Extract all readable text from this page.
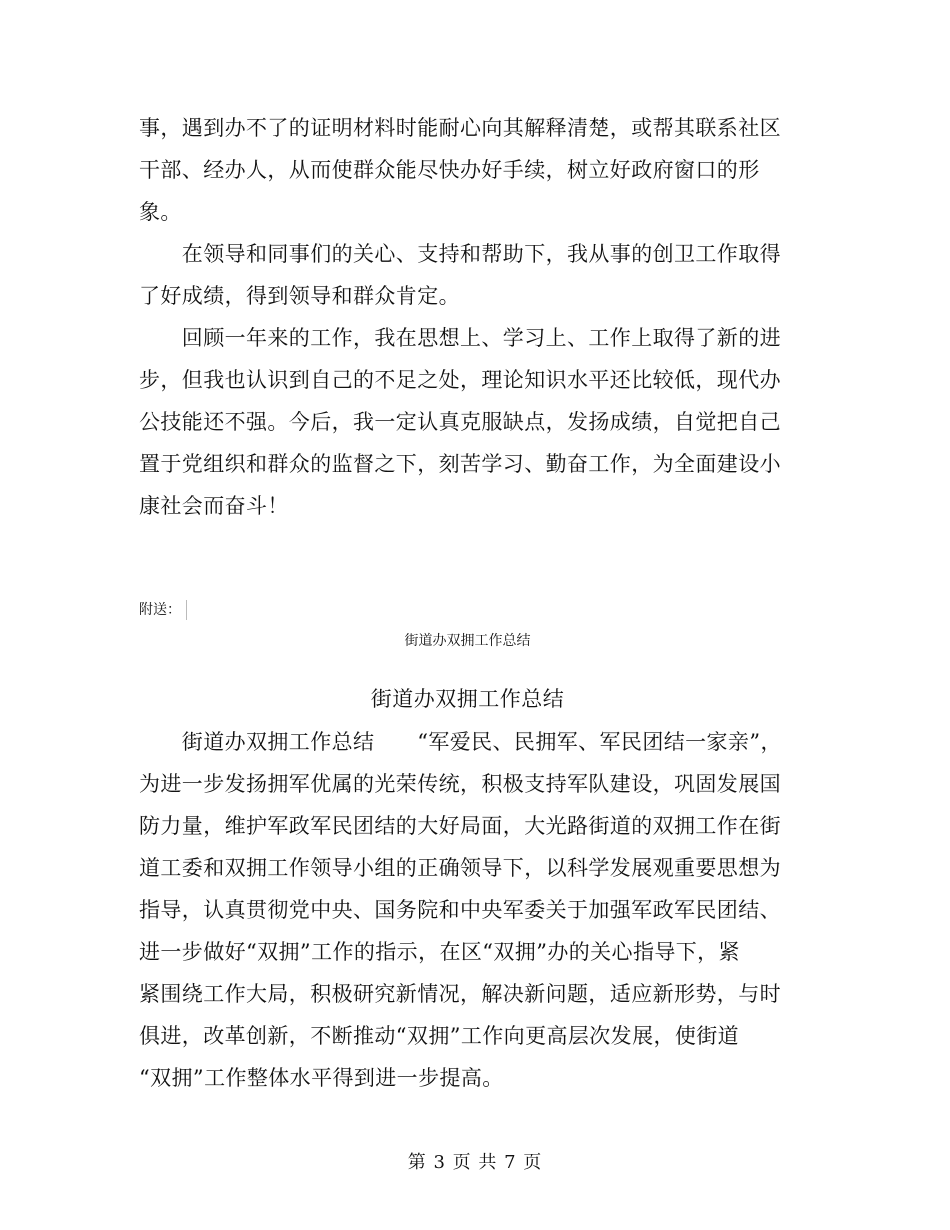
事，遇到办不了的证明材料时能耐心向其解释清楚，或帮其联系社区
干部、经办人，从而使群众能尽快办好手续，树立好政府窗口的形
象。
　　在领导和同事们的关心、支持和帮助下，我从事的创卫工作取得
了好成绩，得到领导和群众肯定。
　　回顾一年来的工作，我在思想上、学习上、工作上取得了新的进
步，但我也认识到自己的不足之处，理论知识水平还比较低，现代办
公技能还不强。今后，我一定认真克服缺点，发扬成绩，自觉把自己
置于党组织和群众的监督之下，刻苦学习、勤奋工作，为全面建设小
康社会而奋斗！
附送：
街道办双拥工作总结
街道办双拥工作总结
　　街道办双拥工作总结　　“军爱民、民拥军、军民团结一家亲”，
为进一步发扬拥军优属的光荣传统，积极支持军队建设，巩固发展国
防力量，维护军政军民团结的大好局面，大光路街道的双拥工作在街
道工委和双拥工作领导小组的正确领导下，以科学发展观重要思想为
指导，认真贯彻党中央、国务院和中央军委关于加强军政军民团结、
进一步做好“双拥”工作的指示，在区“双拥”办的关心指导下，紧
紧围绕工作大局，积极研究新情况，解决新问题，适应新形势，与时
俱进，改革创新，不断推动“双拥”工作向更高层次发展，使街道
“双拥”工作整体水平得到进一步提高。
第 3 页 共 7 页
